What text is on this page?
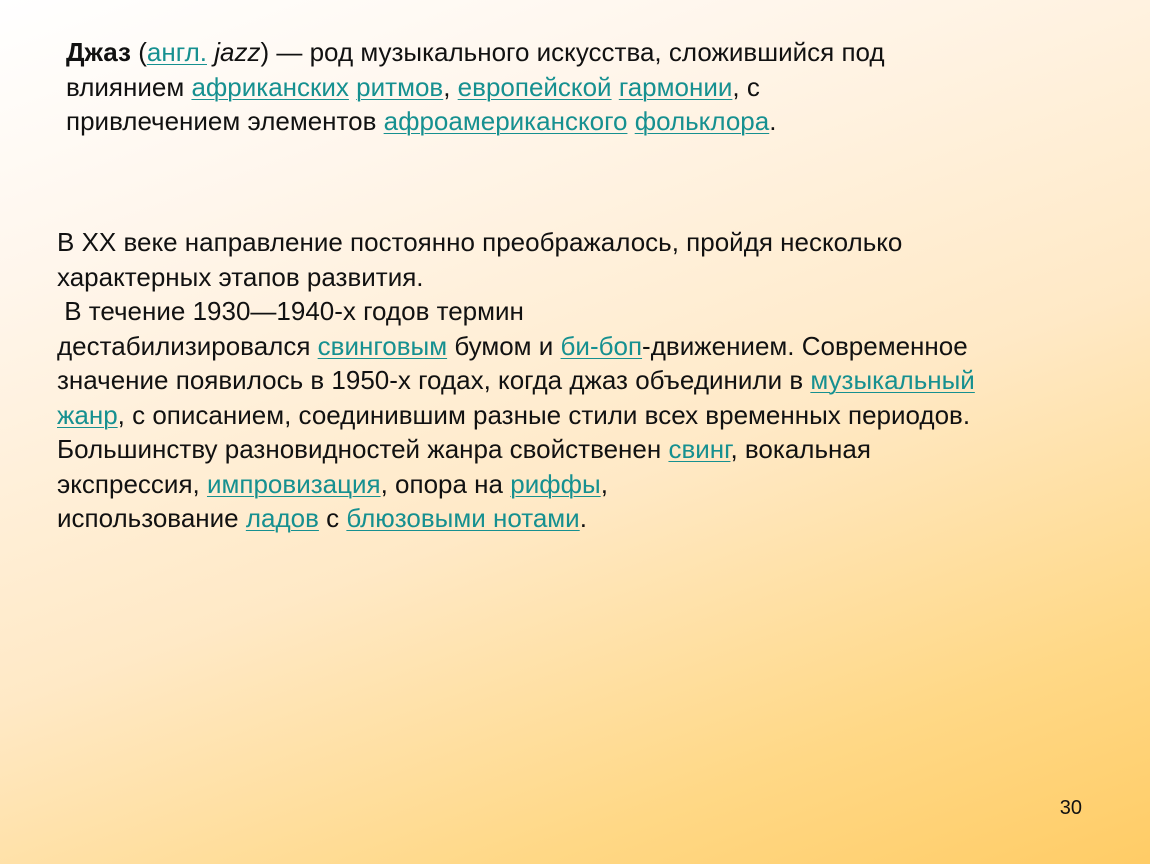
Джаз (англ. jazz) — род музыкального искусства, сложившийся под
влиянием африканских ритмов, европейской гармонии, с
привлечением элементов афроамериканского фольклора.
В XX веке направление постоянно преображалось, пройдя несколько
характерных этапов развития.
В течение 1930—1940-х годов термин
дестабилизировался свинговым бумом и би-боп-движением. Современное
значение появилось в 1950-х годах, когда джаз объединили в музыкальный
жанр, с описанием, соединившим разные стили всех временных периодов.
Большинству разновидностей жанра свойственен свинг, вокальная
экспрессия, импровизация, опора на риффы,
использование ладов с блюзовыми нотами.
30
